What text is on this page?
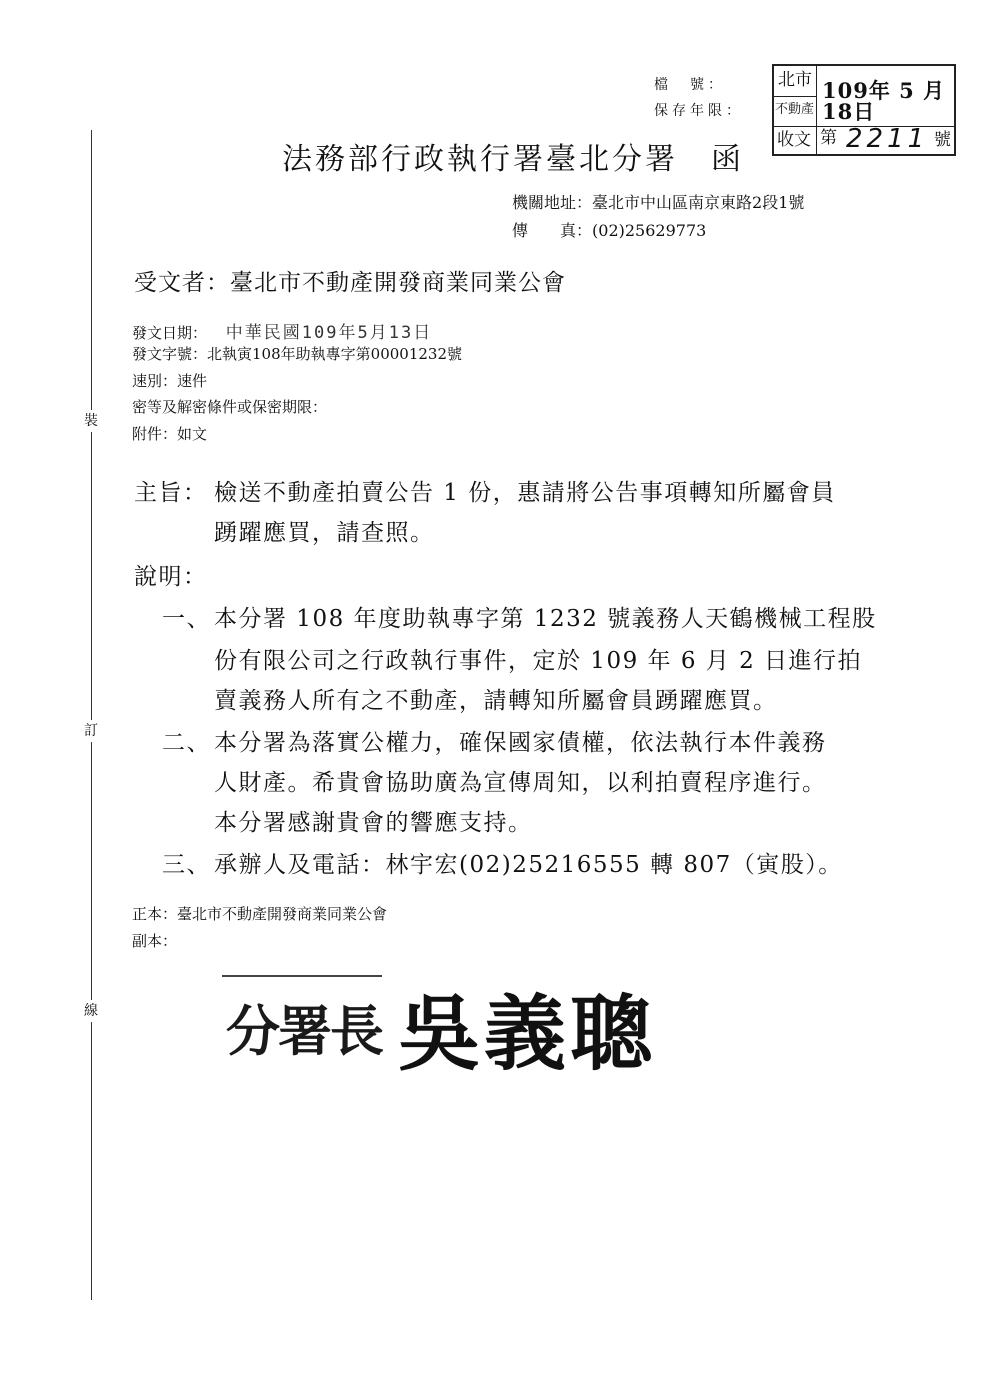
裝
訂
線
檔　號：
保存年限：
北市
不動產
收文
109年 5 月18日
第 2211 號
法務部行政執行署臺北分署　函
機關地址：臺北市中山區南京東路2段1號
傳　　真：(02)25629773
受文者：臺北市不動產開發商業同業公會
發文日期： 中華民國109年5月13日
發文字號：北執寅108年助執專字第00001232號
速別：速件
密等及解密條件或保密期限：
附件：如文
主旨： 檢送不動產拍賣公告 1 份，惠請將公告事項轉知所屬會員
踴躍應買，請查照。
說明：
一、 本分署 108 年度助執專字第 1232 號義務人天鶴機械工程股
份有限公司之行政執行事件，定於 109 年 6 月 2 日進行拍
賣義務人所有之不動產，請轉知所屬會員踴躍應買。
二、 本分署為落實公權力，確保國家債權，依法執行本件義務
人財產。希貴會協助廣為宣傳周知，以利拍賣程序進行。
本分署感謝貴會的響應支持。
三、 承辦人及電話：林宇宏(02)25216555 轉 807（寅股）。
正本：臺北市不動產開發商業同業公會
副本：
分署長 吳義聰
